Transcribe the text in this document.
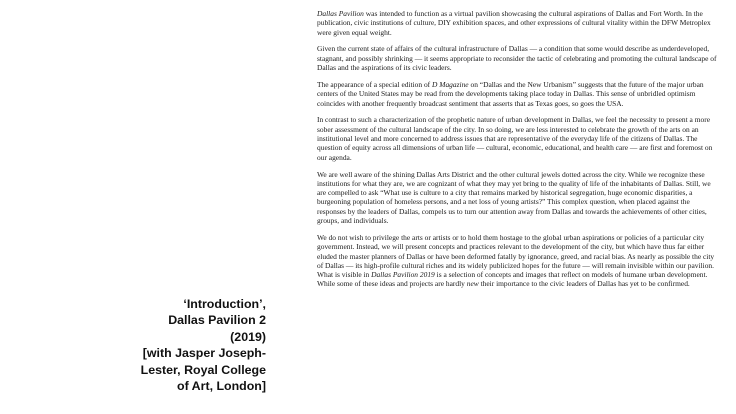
‘Introduction’,
Dallas Pavilion 2
(2019)
[with Jasper Joseph-
Lester, Royal College
of Art, London]

Dallas Pavilion was intended to function as a virtual pavilion showcasing the cultural aspirations of Dallas and Fort Worth. In the publication, civic institutions of culture, DIY exhibition spaces, and other expressions of cultural vitality within the DFW Metroplex were given equal weight.

Given the current state of affairs of the cultural infrastructure of Dallas — a condition that some would describe as underdeveloped, stagnant, and possibly shrinking — it seems appropriate to reconsider the tactic of celebrating and promoting the cultural landscape of Dallas and the aspirations of its civic leaders.

The appearance of a special edition of D Magazine on “Dallas and the New Urbanism” suggests that the future of the major urban centers of the United States may be read from the developments taking place today in Dallas. This sense of unbridled optimism coincides with another frequently broadcast sentiment that asserts that as Texas goes, so goes the USA.

In contrast to such a characterization of the prophetic nature of urban development in Dallas, we feel the necessity to present a more sober assessment of the cultural landscape of the city. In so doing, we are less interested to celebrate the growth of the arts on an institutional level and more concerned to address issues that are representative of the everyday life of the citizens of Dallas. The question of equity across all dimensions of urban life — cultural, economic, educational, and health care — are first and foremost on our agenda.

We are well aware of the shining Dallas Arts District and the other cultural jewels dotted across the city. While we recognize these institutions for what they are, we are cognizant of what they may yet bring to the quality of life of the inhabitants of Dallas. Still, we are compelled to ask “What use is culture to a city that remains marked by historical segregation, huge economic disparities, a burgeoning population of homeless persons, and a net loss of young artists?” This complex question, when placed against the responses by the leaders of Dallas, compels us to turn our attention away from Dallas and towards the achievements of other cities, groups, and individuals.

We do not wish to privilege the arts or artists or to hold them hostage to the global urban aspirations or policies of a particular city government. Instead, we will present concepts and practices relevant to the development of the city, but which have thus far either eluded the master planners of Dallas or have been deformed fatally by ignorance, greed, and racial bias. As nearly as possible the city of Dallas — its high-profile cultural riches and its widely publicized hopes for the future — will remain invisible within our pavilion. What is visible in Dallas Pavilion 2019 is a selection of concepts and images that reflect on models of humane urban development. While some of these ideas and projects are hardly new their importance to the civic leaders of Dallas has yet to be confirmed.
